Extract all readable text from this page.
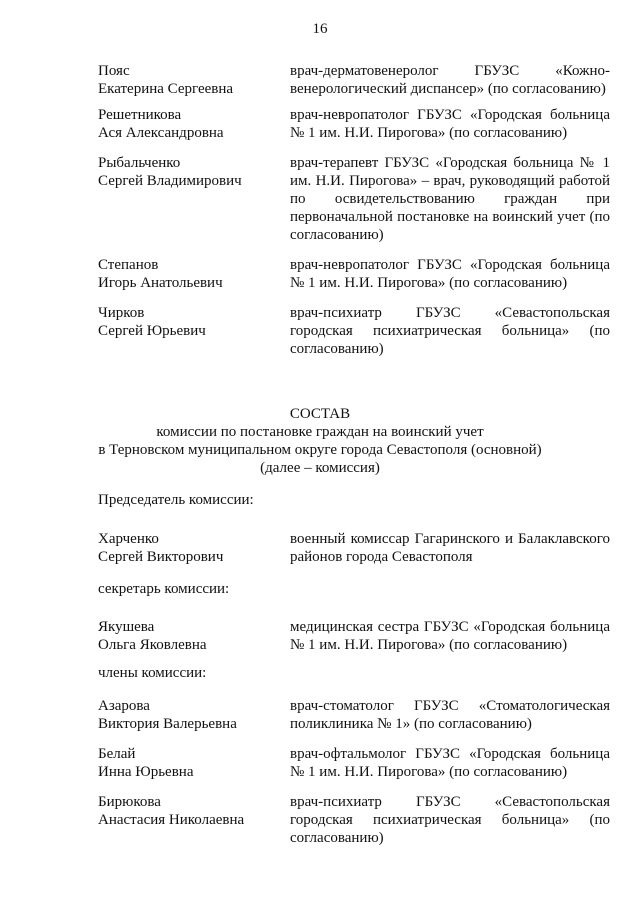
16
Пояс
Екатерина Сергеевна
врач-дерматовенеролог ГБУЗС «Кожно-венерологический диспансер» (по согласованию)
Решетникова
Ася Александровна
врач-невропатолог ГБУЗС «Городская больница № 1 им. Н.И. Пирогова» (по согласованию)
Рыбальченко
Сергей Владимирович
врач-терапевт ГБУЗС «Городская больница № 1 им. Н.И. Пирогова» – врач, руководящий работой по освидетельствованию граждан при первоначальной постановке на воинский учет (по согласованию)
Степанов
Игорь Анатольевич
врач-невропатолог ГБУЗС «Городская больница № 1 им. Н.И. Пирогова» (по согласованию)
Чирков
Сергей Юрьевич
врач-психиатр ГБУЗС «Севастопольская городская психиатрическая больница» (по согласованию)
СОСТАВ
комиссии по постановке граждан на воинский учет
в Терновском муниципальном округе города Севастополя (основной)
(далее – комиссия)
Председатель комиссии:
Харченко
Сергей Викторович
военный комиссар Гагаринского и Балаклавского районов города Севастополя
секретарь комиссии:
Якушева
Ольга Яковлевна
медицинская сестра ГБУЗС «Городская больница № 1 им. Н.И. Пирогова» (по согласованию)
члены комиссии:
Азарова
Виктория Валерьевна
врач-стоматолог ГБУЗС «Стоматологическая поликлиника № 1» (по согласованию)
Белай
Инна Юрьевна
врач-офтальмолог ГБУЗС «Городская больница № 1 им. Н.И. Пирогова» (по согласованию)
Бирюкова
Анастасия Николаевна
врач-психиатр ГБУЗС «Севастопольская городская психиатрическая больница» (по согласованию)
